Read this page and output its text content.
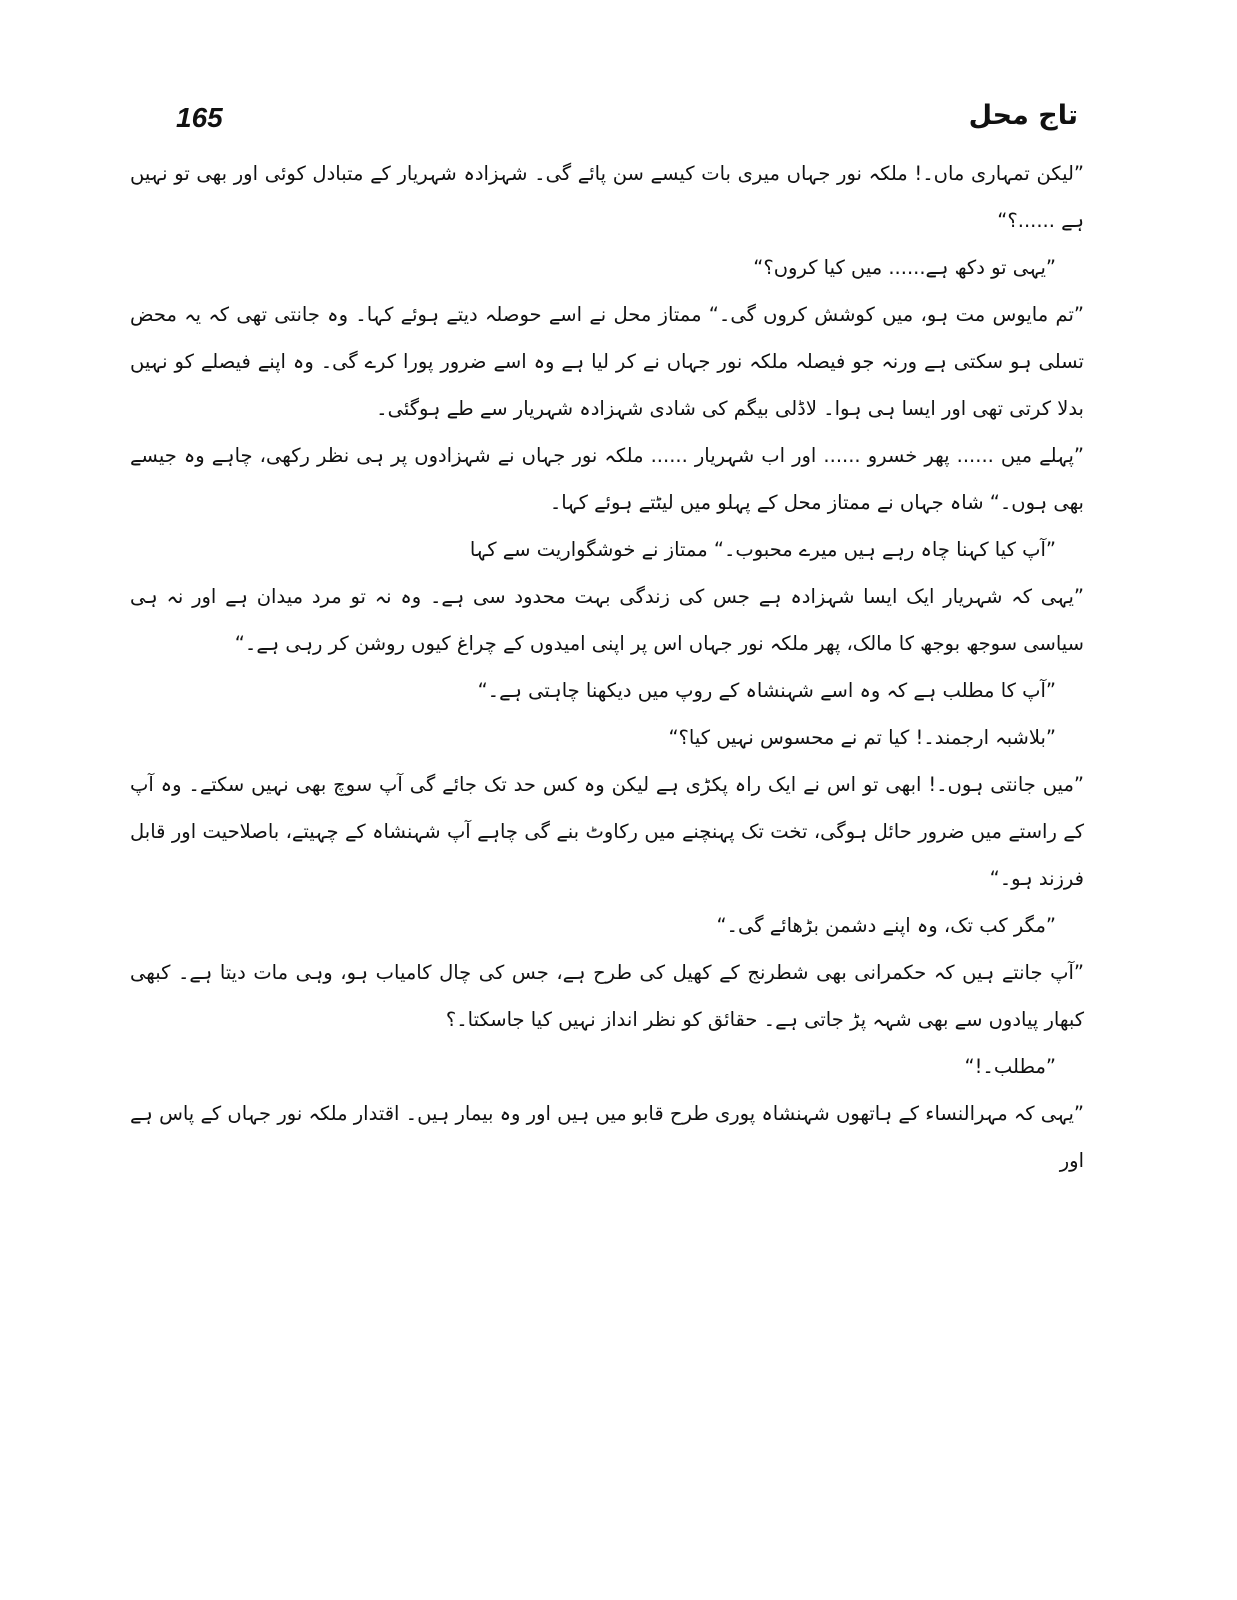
تاج محل
165

”لیکن تمہاری ماں۔! ملکہ نور جہاں میری بات کیسے سن پائے گی۔ شہزادہ شہریار کے متبادل کوئی اور بھی تو نہیں ہے ......؟“

”یہی تو دکھ ہے...... میں کیا کروں؟“

”تم مایوس مت ہو، میں کوشش کروں گی۔“ ممتاز محل نے اسے حوصلہ دیتے ہوئے کہا۔ وہ جانتی تھی کہ یہ محض تسلی ہو سکتی ہے ورنہ جو فیصلہ ملکہ نور جہاں نے کر لیا ہے وہ اسے ضرور پورا کرے گی۔ وہ اپنے فیصلے کو نہیں بدلا کرتی تھی اور ایسا ہی ہوا۔ لاڈلی بیگم کی شادی شہزادہ شہریار سے طے ہوگئی۔

”پہلے میں ...... پھر خسرو ...... اور اب شہریار ...... ملکہ نور جہاں نے شہزادوں پر ہی نظر رکھی، چاہے وہ جیسے بھی ہوں۔“ شاہ جہاں نے ممتاز محل کے پہلو میں لیٹتے ہوئے کہا۔

”آپ کیا کہنا چاہ رہے ہیں میرے محبوب۔“ ممتاز نے خوشگواریت سے کہا

”یہی کہ شہریار ایک ایسا شہزادہ ہے جس کی زندگی بہت محدود سی ہے۔ وہ نہ تو مرد میدان ہے اور نہ ہی سیاسی سوجھ بوجھ کا مالک، پھر ملکہ نور جہاں اس پر اپنی امیدوں کے چراغ کیوں روشن کر رہی ہے۔“

”آپ کا مطلب ہے کہ وہ اسے شہنشاہ کے روپ میں دیکھنا چاہتی ہے۔“

”بلاشبہ ارجمند۔! کیا تم نے محسوس نہیں کیا؟“

”میں جانتی ہوں۔! ابھی تو اس نے ایک راہ پکڑی ہے لیکن وہ کس حد تک جائے گی آپ سوچ بھی نہیں سکتے۔ وہ آپ کے راستے میں ضرور حائل ہوگی، تخت تک پہنچنے میں رکاوٹ بنے گی چاہے آپ شہنشاہ کے چہیتے، باصلاحیت اور قابل فرزند ہو۔“

”مگر کب تک، وہ اپنے دشمن بڑھائے گی۔“

”آپ جانتے ہیں کہ حکمرانی بھی شطرنج کے کھیل کی طرح ہے، جس کی چال کامیاب ہو، وہی مات دیتا ہے۔ کبھی کبھار پیادوں سے بھی شہہ پڑ جاتی ہے۔ حقائق کو نظر انداز نہیں کیا جاسکتا۔؟

”مطلب۔!“

”یہی کہ مہرالنساء کے ہاتھوں شہنشاہ پوری طرح قابو میں ہیں اور وہ بیمار ہیں۔ اقتدار ملکہ نور جہاں کے پاس ہے اور
